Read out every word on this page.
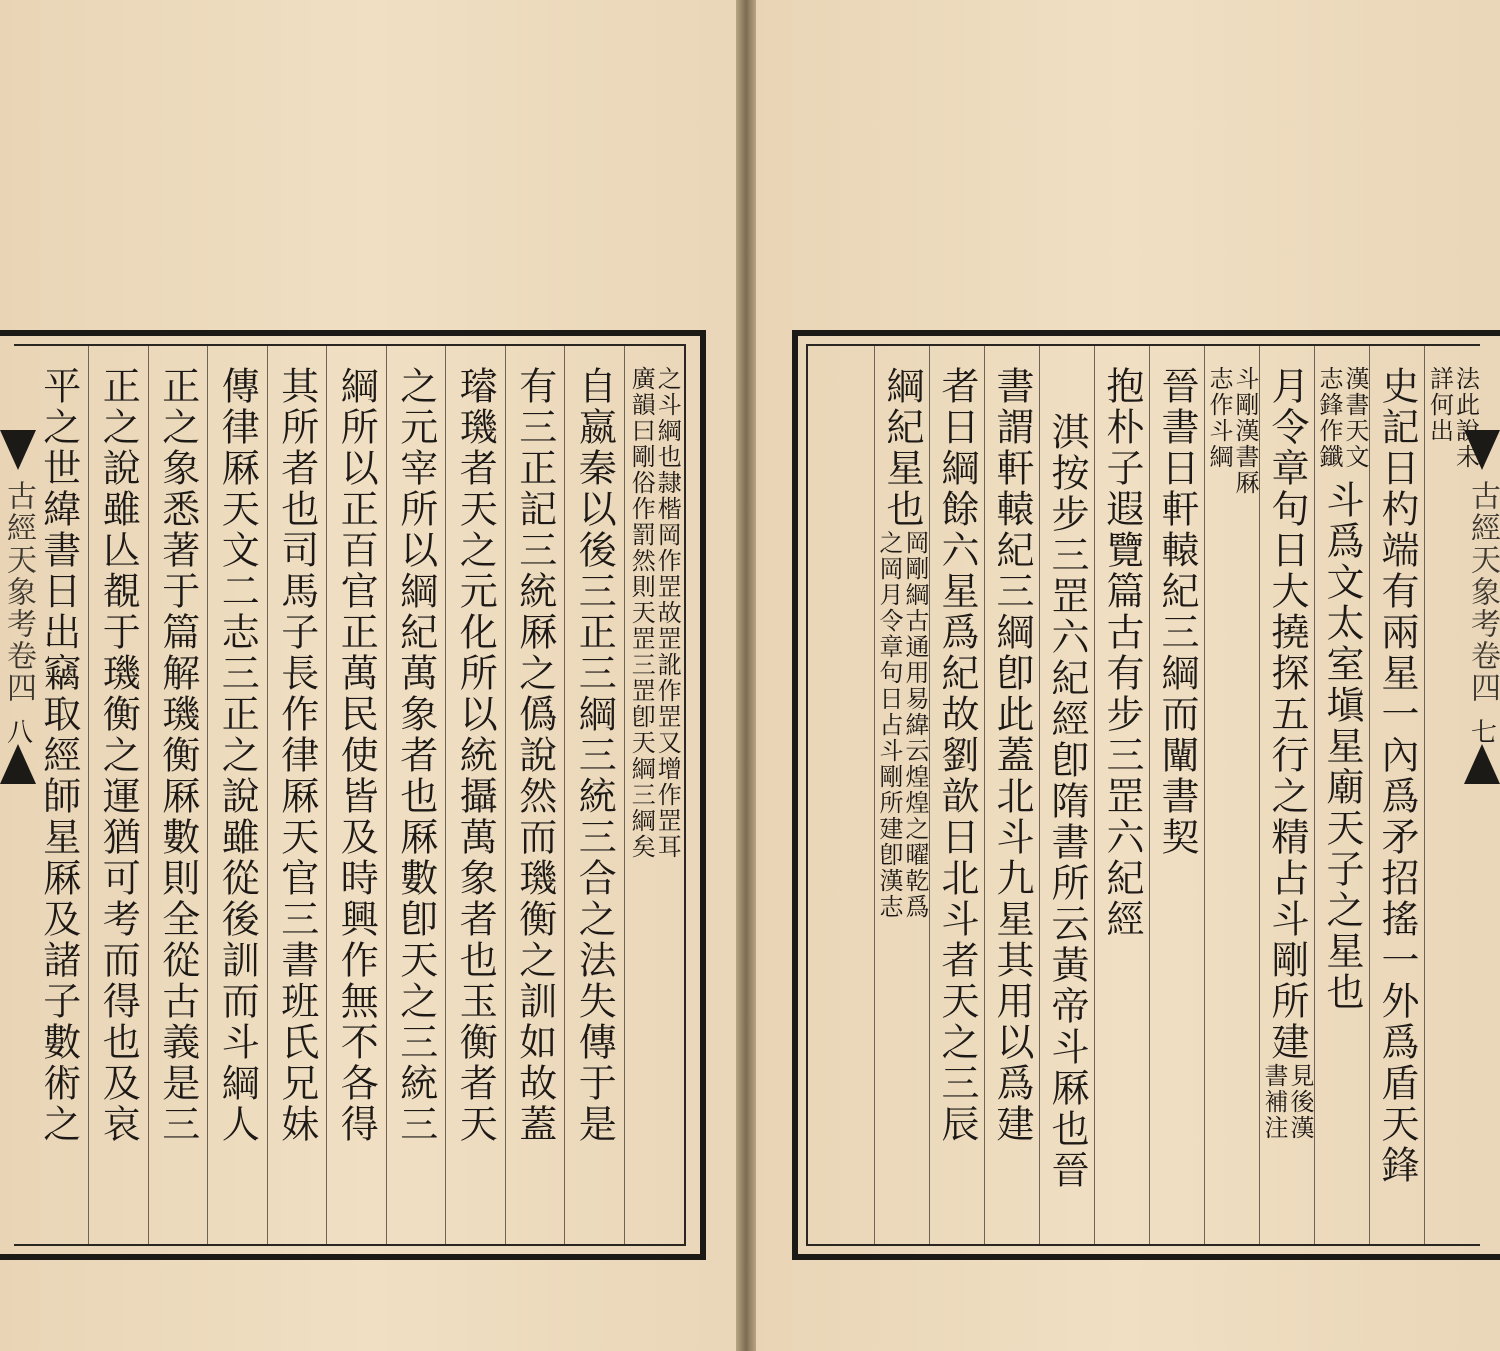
法此說未
詳何出
史記日杓端有兩星一內爲矛招搖一外爲盾天鋒
漢書天文
志鋒作鑯
斗爲文太室塡星廟天子之星也
月令章句日大撓探五行之精占斗剛所建
見後漢
書補注
斗剛漢書厤
志作斗綱
晉書日軒轅紀三綱而闡書契
抱朴子遐覽篇古有步三罡六紀經
淇按步三罡六紀經卽隋書所云黃帝斗厤也晉
書謂軒轅紀三綱卽此蓋北斗九星其用以爲建
者日綱餘六星爲紀故劉歆日北斗者天之三辰
綱紀星也
岡剛綱古通用易緯云煌煌之曜乾爲
之岡月令章句日占斗剛所建卽漢志
之斗綱也隷楷岡作罡故罡訛作罡又增作罡耳
廣韻曰剛俗作罰然則天罡三罡卽天綱三綱矣
自嬴秦以後三正三綱三統三合之法失傳于是
有三正記三統厤之僞說然而璣衡之訓如故蓋
璿璣者天之元化所以統攝萬象者也玉衡者天
之元宰所以綱紀萬象者也厤數卽天之三統三
綱所以正百官正萬民使皆及時興作無不各得
其所者也司馬子長作律厤天官三書班氏兄妹
傳律厤天文二志三正之說雖從後訓而斗綱人
正之象悉著于篇解璣衡厤數則全從古義是三
正之說雖亾覩于璣衡之運猶可考而得也及哀
平之世緯書日出竊取經師星厤及諸子數術之
古經天象考卷四
八
古經天象考卷四
七
